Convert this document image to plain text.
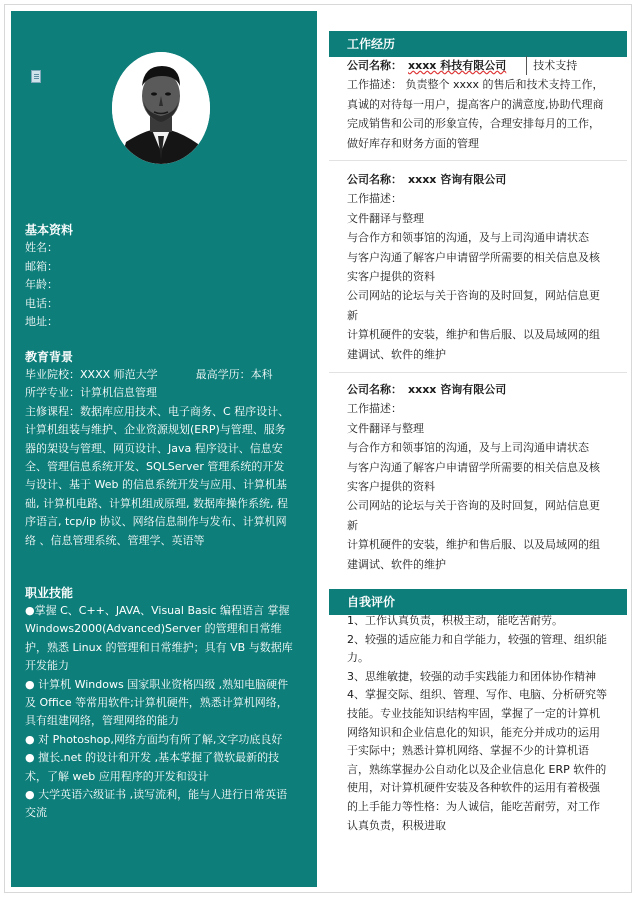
基本资料
姓名：
邮箱：
年龄：
电话：
地址：
教育背景

毕业院校：XXXX 师范大学	最高学历：本科

所学专业：计算机信息管理

主修课程：数据库应用技术、电子商务、C 程序设计、计算机组装与维护、企业资源规划(ERP)与管理、服务器的架设与管理、网页设计、Java 程序设计、信息安全、管理信息系统开发、SQLServer 管理系统的开发与设计、基于 Web 的信息系统开发与应用、计算机基础, 计算机电路、计算机组成原理, 数据库操作系统, 程序语言, tcp/ip 协议、网络信息制作与发布、计算机网络 、信息管理系统、管理学、英语等

职业技能

●掌握 C、C++、JAVA、Visual Basic 编程语言 掌握 Windows2000(Advanced)Server 的管理和日常维护，熟悉 Linux 的管理和日常维护；具有 VB 与数据库开发能力

● 计算机 Windows 国家职业资格四级 ,熟知电脑硬件及 Office 等常用软件;计算机硬件，熟悉计算机网络，具有组建网络，管理网络的能力

● 对 Photoshop,网络方面均有所了解,文字功底良好

● 擅长.net 的设计和开发 ,基本掌握了微软最新的技术，了解 web 应用程序的开发和设计

● 大学英语六级证书 ,读写流利，能与人进行日常英语交流

工作经历

公司名称： xxxx 科技有限公司 技术支持

工作描述： 负责整个 xxxx 的售后和技术支持工作，真诚的对待每一用户，提高客户的满意度,协助代理商完成销售和公司的形象宣传，合理安排每月的工作，做好库存和财务方面的管理

公司名称： xxxx 咨询有限公司

工作描述：

文件翻译与整理

与合作方和领事馆的沟通，及与上司沟通申请状态

与客户沟通了解客户申请留学所需要的相关信息及核实客户提供的资料

公司网站的论坛与关于咨询的及时回复，网站信息更新

计算机硬件的安装，维护和售后服、以及局域网的组建调试、软件的维护

公司名称： xxxx 咨询有限公司

工作描述：

文件翻译与整理

与合作方和领事馆的沟通，及与上司沟通申请状态

与客户沟通了解客户申请留学所需要的相关信息及核实客户提供的资料

公司网站的论坛与关于咨询的及时回复，网站信息更新

计算机硬件的安装，维护和售后服、以及局域网的组建调试、软件的维护

自我评价

1、工作认真负责，积极主动，能吃苦耐劳。

2、较强的适应能力和自学能力，较强的管理、组织能力。

3、思维敏捷，较强的动手实践能力和团体协作精神

4、掌握交际、组织、管理、写作、电脑、分析研究等技能。专业技能知识结构牢固，掌握了一定的计算机网络知识和企业信息化的知识，能充分并成功的运用于实际中；熟悉计算机网络、掌握不少的计算机语言，熟练掌握办公自动化以及企业信息化 ERP 软件的使用，对计算机硬件安装及各种软件的运用有着极强的上手能力等性格：为人诚信，能吃苦耐劳，对工作认真负责，积极进取
